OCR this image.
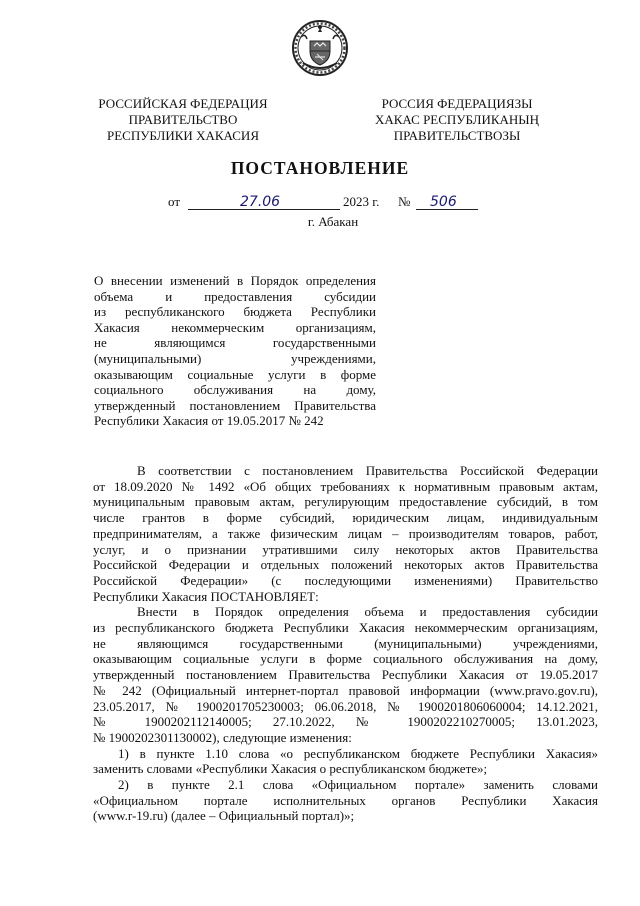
РОССИЙСКАЯ ФЕДЕРАЦИЯ
ПРАВИТЕЛЬСТВО
РЕСПУБЛИКИ ХАКАСИЯ
РОССИЯ ФЕДЕРАЦИЯЗЫ
ХАКАС РЕСПУБЛИКАНЫҢ
ПРАВИТЕЛЬСТВОЗЫ
ПОСТАНОВЛЕНИЕ
от	27.06	2023 г. № 506
г. Абакан
О внесении изменений в Порядок определения
объема и предоставления субсидии
из республиканского бюджета Республики
Хакасия некоммерческим организациям,
не являющимся государственными
(муниципальными) учреждениями,
оказывающим социальные услуги в форме
социального обслуживания на дому,
утвержденный постановлением Правительства
Республики Хакасия от 19.05.2017 № 242
В соответствии с постановлением Правительства Российской Федерации
от 18.09.2020 № 1492 «Об общих требованиях к нормативным правовым актам,
муниципальным правовым актам, регулирующим предоставление субсидий, в том
числе грантов в форме субсидий, юридическим лицам, индивидуальным
предпринимателям, а также физическим лицам – производителям товаров, работ,
услуг, и о признании утратившими силу некоторых актов Правительства
Российской Федерации и отдельных положений некоторых актов Правительства
Российской Федерации» (с последующими изменениями) Правительство
Республики Хакасия ПОСТАНОВЛЯЕТ:
Внести в Порядок определения объема и предоставления субсидии
из республиканского бюджета Республики Хакасия некоммерческим организациям,
не являющимся государственными (муниципальными) учреждениями,
оказывающим социальные услуги в форме социального обслуживания на дому,
утвержденный постановлением Правительства Республики Хакасия от 19.05.2017
№ 242 (Официальный интернет-портал правовой информации (www.pravo.gov.ru),
23.05.2017, № 1900201705230003; 06.06.2018, № 1900201806060004; 14.12.2021,
№ 1900202112140005; 27.10.2022, № 1900202210270005; 13.01.2023,
№ 1900202301130002), следующие изменения:
1) в пункте 1.10 слова «о республиканском бюджете Республики Хакасия»
заменить словами «Республики Хакасия о республиканском бюджете»;
2) в пункте 2.1 слова «Официальном портале» заменить словами
«Официальном портале исполнительных органов Республики Хакасия
(www.r-19.ru) (далее – Официальный портал)»;
